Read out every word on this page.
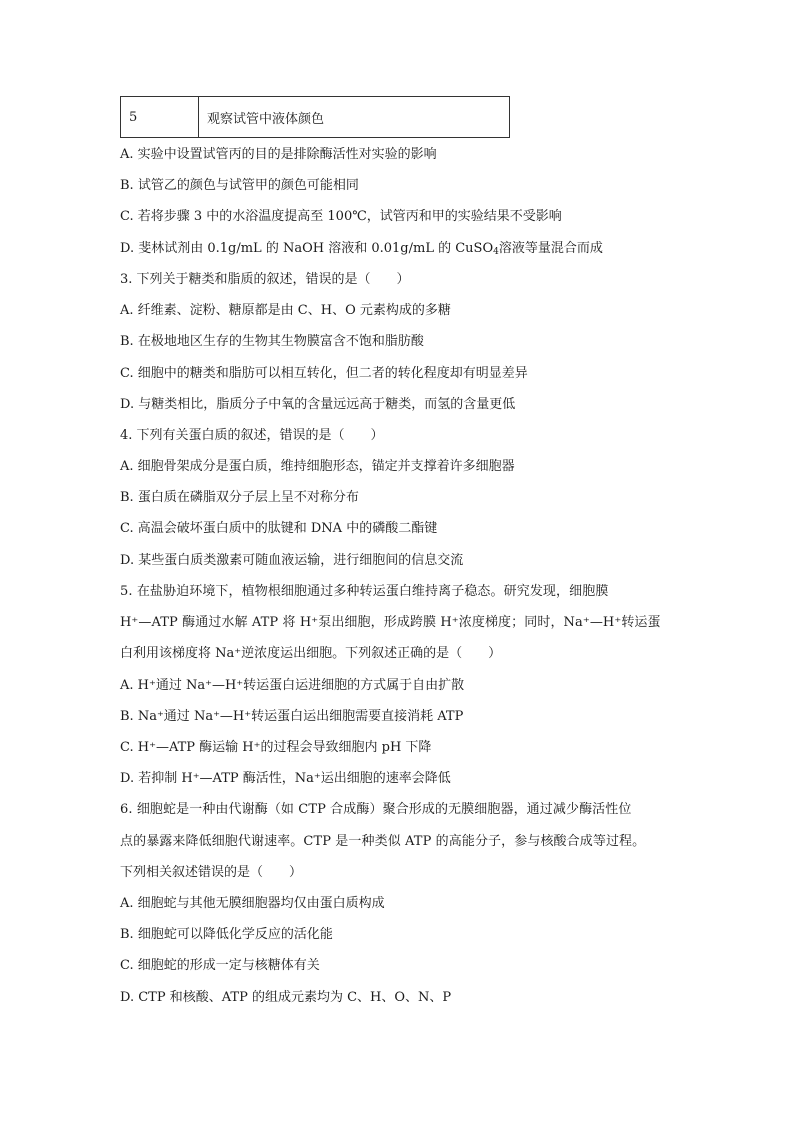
5	观察试管中液体颜色
A. 实验中设置试管丙的目的是排除酶活性对实验的影响
B. 试管乙的颜色与试管甲的颜色可能相同
C. 若将步骤 3 中的水浴温度提高至 100℃，试管丙和甲的实验结果不受影响
D. 斐林试剂由 0.1g/mL 的 NaOH 溶液和 0.01g/mL 的 CuSO$_4$溶液等量混合而成
3. 下列关于糖类和脂质的叙述，错误的是（　　）
A. 纤维素、淀粉、糖原都是由 C、H、O 元素构成的多糖
B. 在极地地区生存的生物其生物膜富含不饱和脂肪酸
C. 细胞中的糖类和脂肪可以相互转化，但二者的转化程度却有明显差异
D. 与糖类相比，脂质分子中氧的含量远远高于糖类，而氢的含量更低
4. 下列有关蛋白质的叙述，错误的是（　　）
A. 细胞骨架成分是蛋白质，维持细胞形态，锚定并支撑着许多细胞器
B. 蛋白质在磷脂双分子层上呈不对称分布
C. 高温会破坏蛋白质中的肽键和 DNA 中的磷酸二酯键
D. 某些蛋白质类激素可随血液运输，进行细胞间的信息交流
5. 在盐胁迫环境下，植物根细胞通过多种转运蛋白维持离子稳态。研究发现，细胞膜
H⁺—ATP 酶通过水解 ATP 将 H⁺泵出细胞，形成跨膜 H⁺浓度梯度；同时，Na⁺—H⁺转运蛋
白利用该梯度将 Na⁺逆浓度运出细胞。下列叙述正确的是（　　）
A. H⁺通过 Na⁺—H⁺转运蛋白运进细胞的方式属于自由扩散
B. Na⁺通过 Na⁺—H⁺转运蛋白运出细胞需要直接消耗 ATP
C. H⁺—ATP 酶运输 H⁺的过程会导致细胞内 pH 下降
D. 若抑制 H⁺—ATP 酶活性，Na⁺运出细胞的速率会降低
6. 细胞蛇是一种由代谢酶（如 CTP 合成酶）聚合形成的无膜细胞器，通过减少酶活性位
点的暴露来降低细胞代谢速率。CTP 是一种类似 ATP 的高能分子，参与核酸合成等过程。
下列相关叙述错误的是（　　）
A. 细胞蛇与其他无膜细胞器均仅由蛋白质构成
B. 细胞蛇可以降低化学反应的活化能
C. 细胞蛇的形成一定与核糖体有关
D. CTP 和核酸、ATP 的组成元素均为 C、H、O、N、P
